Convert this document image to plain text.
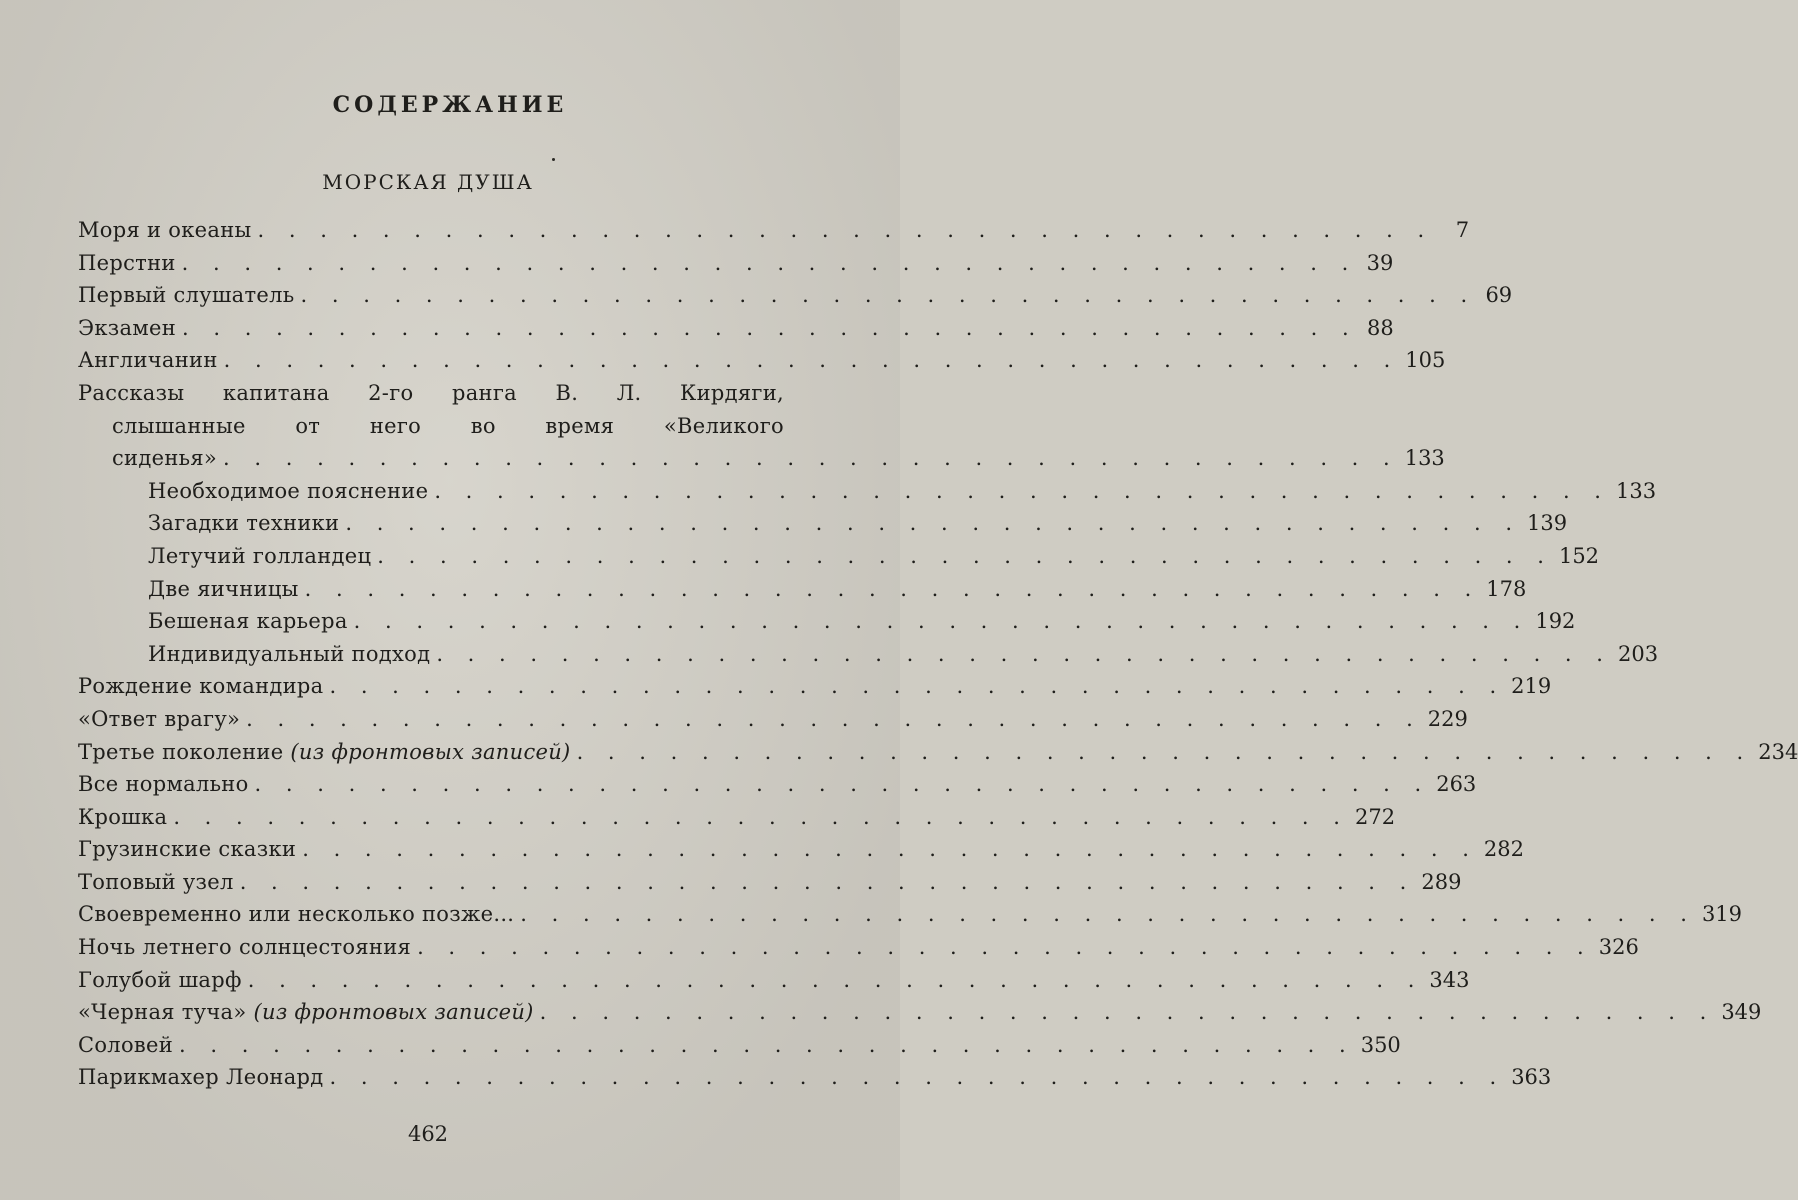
СОДЕРЖАНИЕ
МОРСКАЯ ДУША
Моря и океаны . . . . . . . . . . . . . . . . . . . . . . . . . . . . . . . . . . . . . .	7
Перстни . . . . . . . . . . . . . . . . . . . . . . . . . . . . . . . . . . . . . . 39
Первый слушатель . . . . . . . . . . . . . . . . . . . . . . . . . . . . . . . . . . . . . . 69
Экзамен . . . . . . . . . . . . . . . . . . . . . . . . . . . . . . . . . . . . . . 88
Англичанин . . . . . . . . . . . . . . . . . . . . . . . . . . . . . . . . . . . . . . 105
Рассказы капитана 2-го ранга В. Л. Кирдяги,
слышанные от него во время «Великого
сиденья» . . . . . . . . . . . . . . . . . . . . . . . . . . . . . . . . . . . . . . 133
Необходимое пояснение . . . . . . . . . . . . . . . . . . . . . . . . . . . . . . . . . . . . . . 133
Загадки техники . . . . . . . . . . . . . . . . . . . . . . . . . . . . . . . . . . . . . . 139
Летучий голландец . . . . . . . . . . . . . . . . . . . . . . . . . . . . . . . . . . . . . . 152
Две яичницы . . . . . . . . . . . . . . . . . . . . . . . . . . . . . . . . . . . . . . 178
Бешеная карьера . . . . . . . . . . . . . . . . . . . . . . . . . . . . . . . . . . . . . . 192
Индивидуальный подход . . . . . . . . . . . . . . . . . . . . . . . . . . . . . . . . . . . . . . 203
Рождение командира . . . . . . . . . . . . . . . . . . . . . . . . . . . . . . . . . . . . . . 219
«Ответ врагу» . . . . . . . . . . . . . . . . . . . . . . . . . . . . . . . . . . . . . . 229
Третье поколение (из фронтовых записей) . . . . . . . . . . . . . . . . . . . . . . . . . . . . . . . . . . . . . . 234
Все нормально . . . . . . . . . . . . . . . . . . . . . . . . . . . . . . . . . . . . . . 263
Крошка . . . . . . . . . . . . . . . . . . . . . . . . . . . . . . . . . . . . . . 272
Грузинские сказки . . . . . . . . . . . . . . . . . . . . . . . . . . . . . . . . . . . . . . 282
Топовый узел . . . . . . . . . . . . . . . . . . . . . . . . . . . . . . . . . . . . . . 289
Своевременно или несколько позже... . . . . . . . . . . . . . . . . . . . . . . . . . . . . . . . . . . . . . . 319
Ночь летнего солнцестояния . . . . . . . . . . . . . . . . . . . . . . . . . . . . . . . . . . . . . . 326
Голубой шарф . . . . . . . . . . . . . . . . . . . . . . . . . . . . . . . . . . . . . . 343
«Черная туча» (из фронтовых записей) . . . . . . . . . . . . . . . . . . . . . . . . . . . . . . . . . . . . . . 349
Соловей . . . . . . . . . . . . . . . . . . . . . . . . . . . . . . . . . . . . . . 350
Парикмахер Леонард . . . . . . . . . . . . . . . . . . . . . . . . . . . . . . . . . . . . . . 363
462
